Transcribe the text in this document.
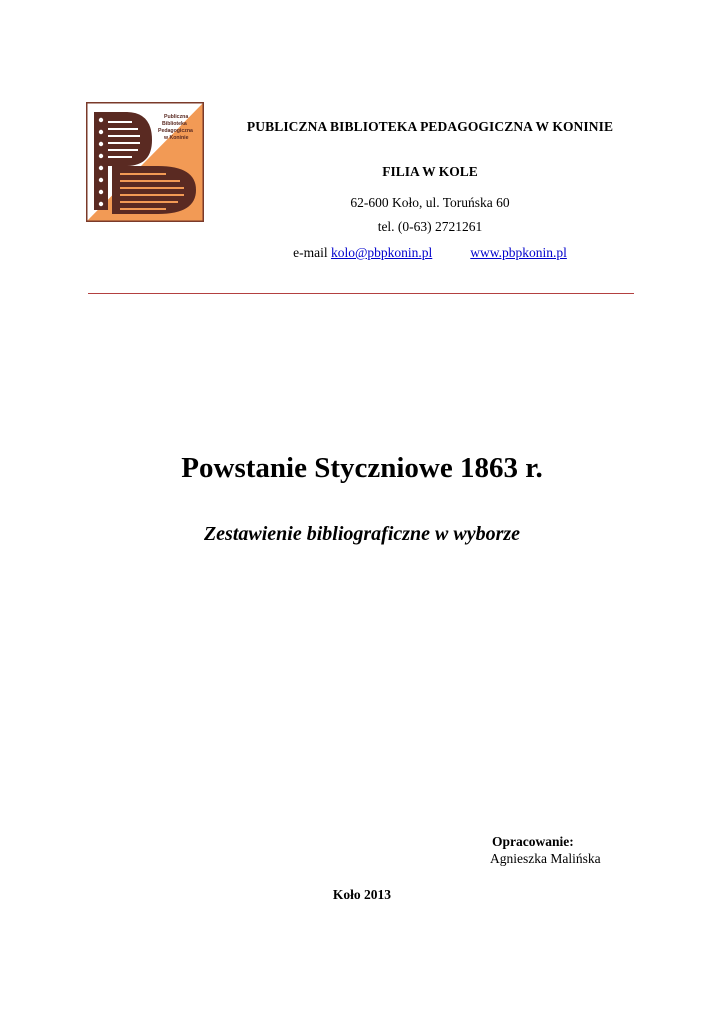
Publiczna
Biblioteka
Pedagogiczna
w Koninie
PUBLICZNA BIBLIOTEKA PEDAGOGICZNA W KONINIE
FILIA W KOLE
62-600 Koło, ul. Toruńska 60
tel. (0-63) 2721261
e-mail kolo@pbpkonin.pl	www.pbpkonin.pl
Powstanie Styczniowe 1863 r.
Zestawienie bibliograficzne w wyborze
Opracowanie:
Agnieszka Malińska
Koło 2013
